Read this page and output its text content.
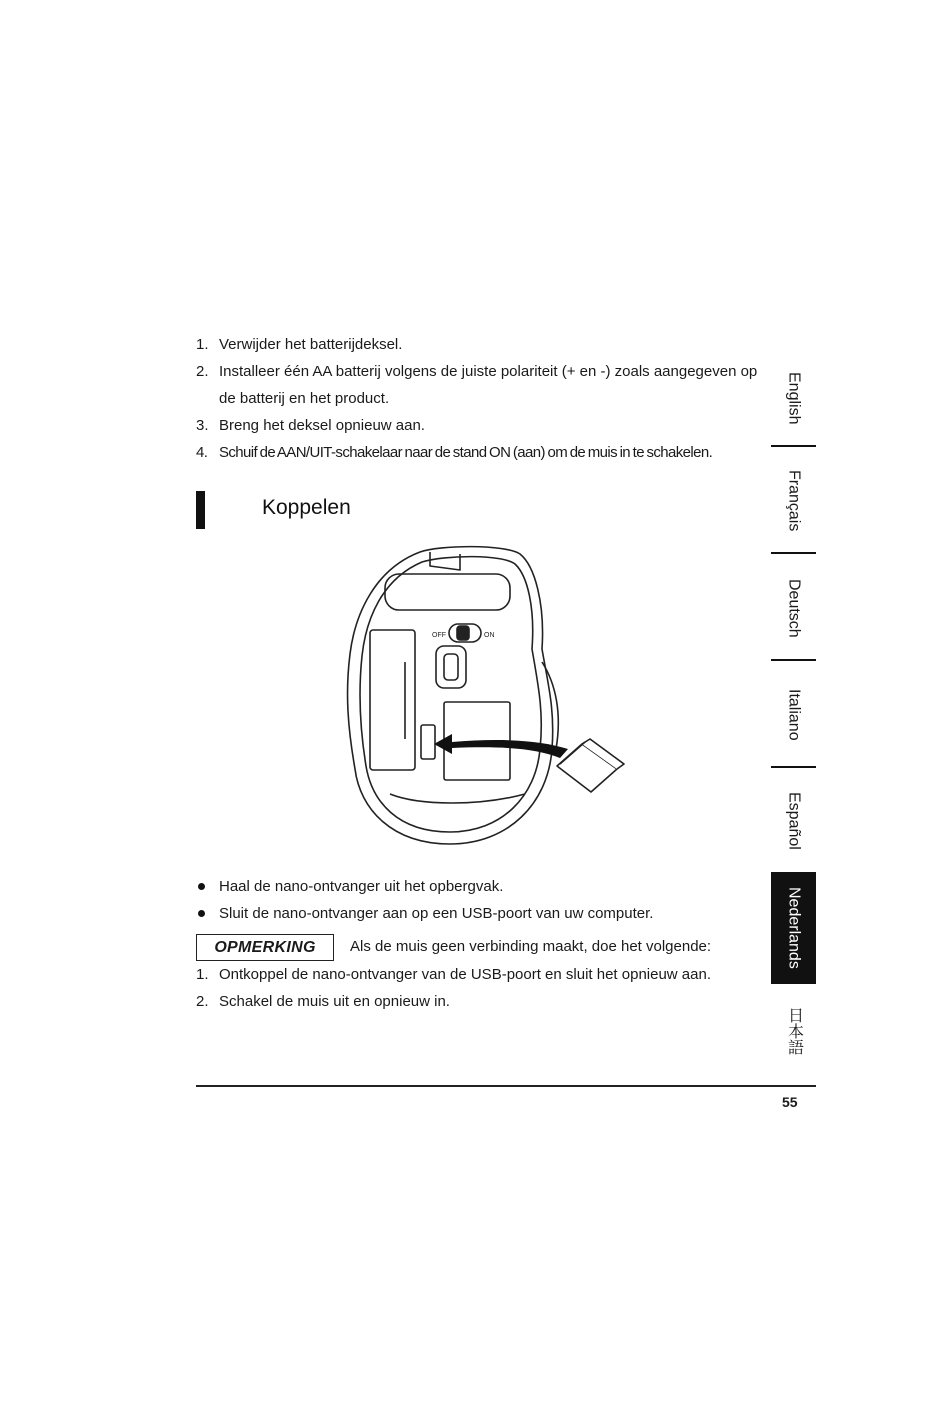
1. Verwijder het batterijdeksel.
2. Installeer één AA batterij volgens de juiste polariteit (+ en -) zoals aangegeven op de batterij en het product.
3. Breng het deksel opnieuw aan.
4. Schuif de AAN/UIT-schakelaar naar de stand ON (aan) om de muis in te schakelen.
Koppelen
OFF	ON
Haal de nano-ontvanger uit het opbergvak.
Sluit de nano-ontvanger aan op een USB-poort van uw computer.
OPMERKING	Als de muis geen verbinding maakt, doe het volgende:
1. Ontkoppel de nano-ontvanger van de USB-poort en sluit het opnieuw aan.
2. Schakel de muis uit en opnieuw in.
English
Français
Deutsch
Italiano
Español
Nederlands
日本語
55
